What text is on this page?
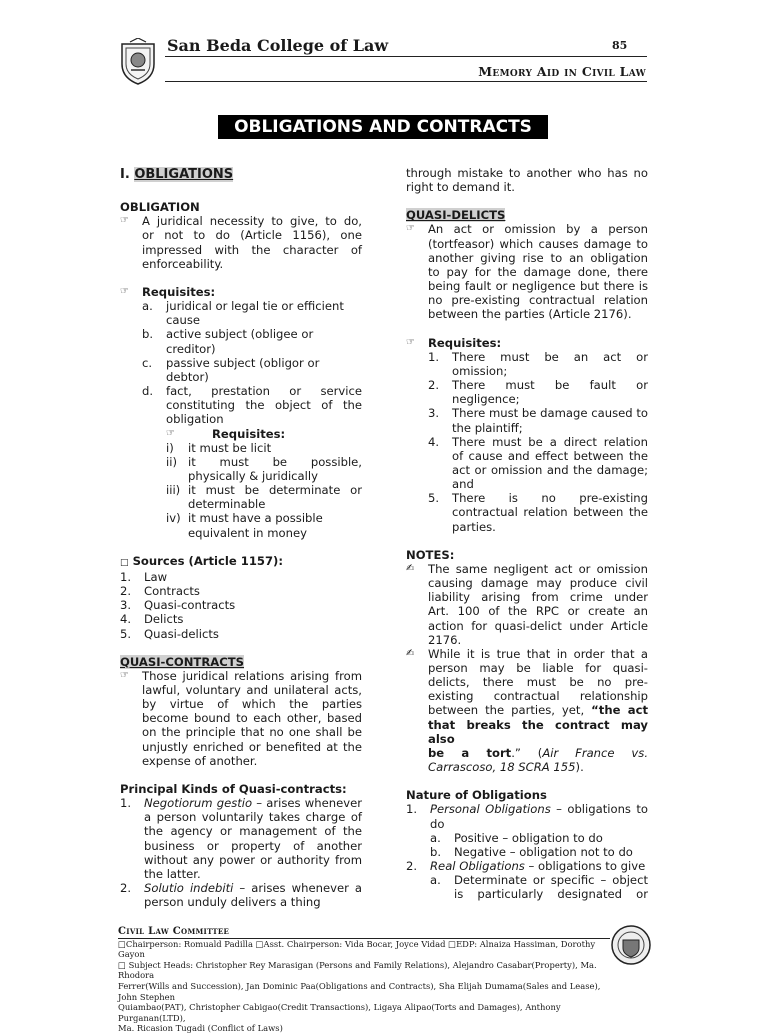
San Beda College of Law	85
Memory Aid in Civil Law
OBLIGATIONS AND CONTRACTS

I. OBLIGATIONS

OBLIGATION

☞	A juridical necessity to give, to do,

or not to do (Article 1156), one

impressed with the character of

enforceability.

☞	Requisites:

a.	juridical or legal tie or efficient

cause

b.	active subject (obligee or

creditor)

c.	passive subject (obligor or

debtor)

d.	fact, prestation or service

constituting the object of the

obligation

☞	Requisites:

i)	it must be licit

ii) it must be possible,

physically & juridically

iii) it must be determinate or

determinable

iv) it must have a possible

equivalent in money

□ Sources (Article 1157):

1.	Law

2.	Contracts

3.	Quasi-contracts

4.	Delicts

5.	Quasi-delicts

QUASI-CONTRACTS

☞	Those juridical relations arising from

lawful, voluntary and unilateral acts,

by virtue of which the parties

become bound to each other, based

on the principle that no one shall be

unjustly enriched or benefited at the

expense of another.

Principal Kinds of Quasi-contracts:

1.	Negotiorum gestio – arises whenever

a person voluntarily takes charge of

the agency or management of the

business or property of another

without any power or authority from

the latter.

2.	Solutio indebiti – arises whenever a

person unduly delivers a thing

through mistake to another who has no

right to demand it.

QUASI-DELICTS

☞	An act or omission by a person

(tortfeasor) which causes damage to

another giving rise to an obligation

to pay for the damage done, there

being fault or negligence but there is

no pre-existing contractual relation

between the parties (Article 2176).

☞	Requisites:

1.	There must be an act or

omission;

2.	There must be fault or

negligence;

3.	There must be damage caused to

the plaintiff;

4.	There must be a direct relation

of cause and effect between the

act or omission and the damage;

and

5.	There is no pre-existing

contractual relation between the

parties.

NOTES:

✍	The same negligent act or omission

causing damage may produce civil

liability arising from crime under

Art. 100 of the RPC or create an

action for quasi-delict under Article

2176.

✍	While it is true that in order that a

person may be liable for quasi-

delicts, there must be no pre-

existing contractual relationship

between the parties, yet, “the act

that breaks the contract may also

be a tort.” (Air France vs.

Carrascoso, 18 SCRA 155).

Nature of Obligations

1.	Personal Obligations – obligations to

do

a.	Positive – obligation to do

b.	Negative – obligation not to do

2.	Real Obligations – obligations to give

a.	Determinate or specific – object

is particularly designated or

Civil Law Committee
□Chairperson: Romuald Padilla □Asst. Chairperson: Vida Bocar, Joyce Vidad □EDP: Alnaiza Hassiman, Dorothy Gayon
□ Subject Heads: Christopher Rey Marasigan (Persons and Family Relations), Alejandro Casabar(Property), Ma. Rhodora
Ferrer(Wills and Succession), Jan Dominic Paa(Obligations and Contracts), Sha Elijah Dumama(Sales and Lease), John Stephen
Quiambao(PAT), Christopher Cabigao(Credit Transactions), Ligaya Alipao(Torts and Damages), Anthony Purganan(LTD),
Ma. Ricasion Tugadi (Conflict of Laws)
